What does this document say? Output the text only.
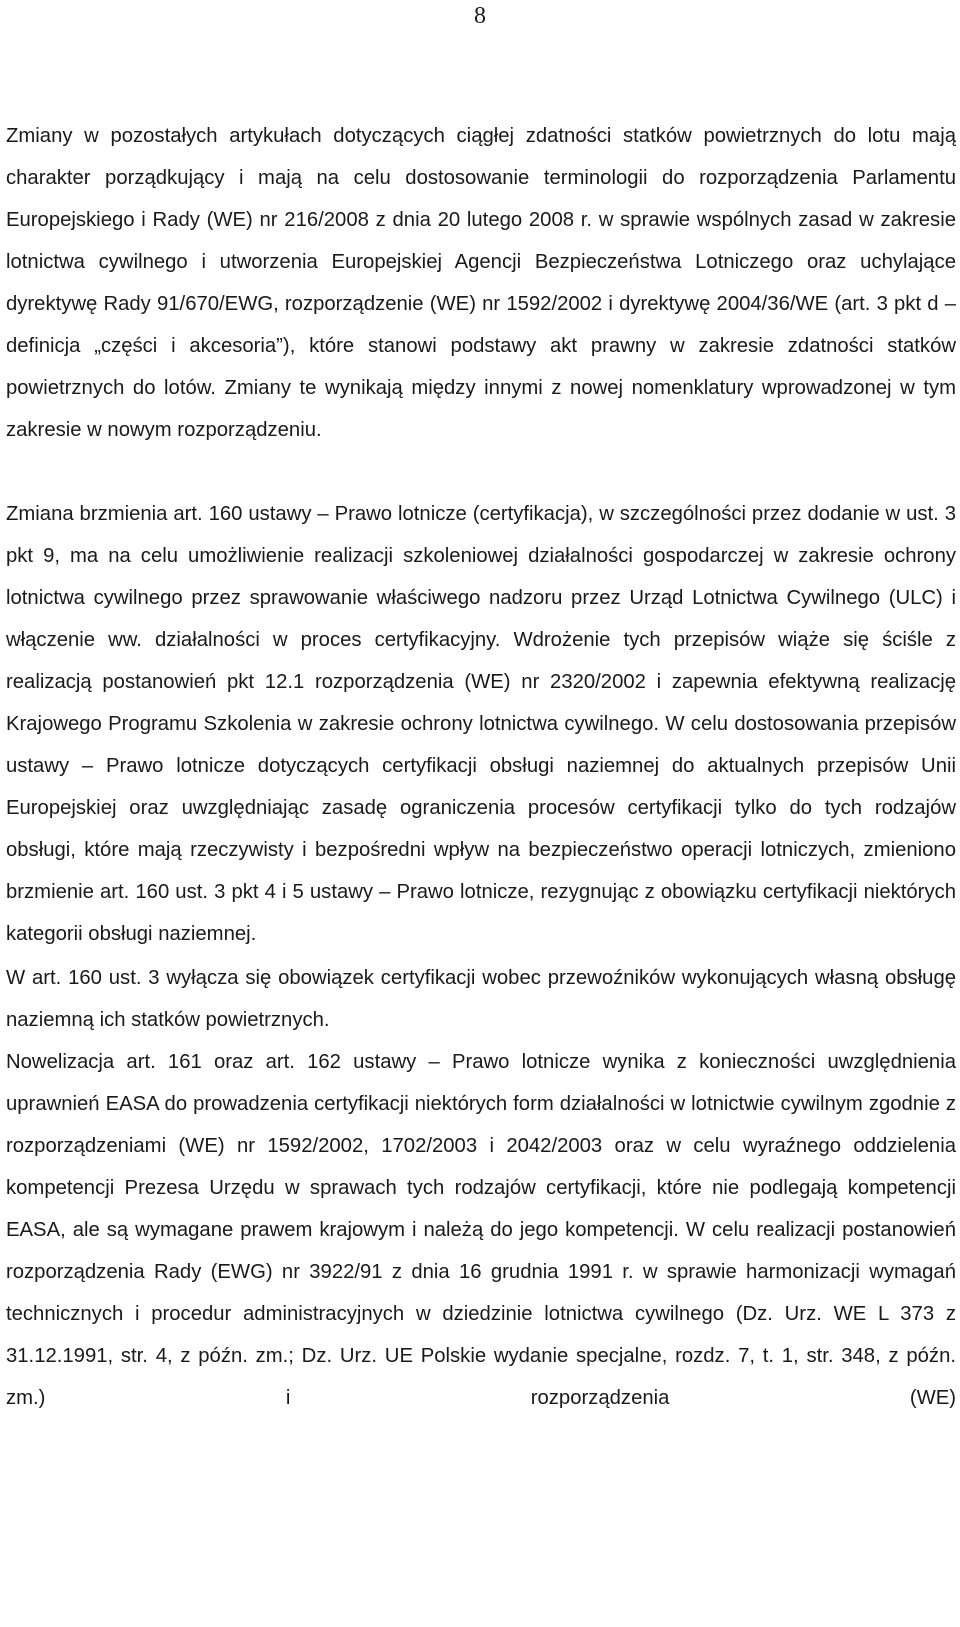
8

Zmiany w pozostałych artykułach dotyczących ciągłej zdatności statków powietrznych do lotu mają charakter porządkujący i mają na celu dostosowanie terminologii do rozporządzenia Parlamentu Europejskiego i Rady (WE) nr 216/2008 z dnia 20 lutego 2008 r. w sprawie wspólnych zasad w zakresie lotnictwa cywilnego i utworzenia Europejskiej Agencji Bezpieczeństwa Lotniczego oraz uchylające dyrektywę Rady 91/670/EWG, rozporządzenie (WE) nr 1592/2002 i dyrektywę 2004/36/WE (art. 3 pkt d – definicja „części i akcesoria”), które stanowi podstawy akt prawny w zakresie zdatności statków powietrznych do lotów. Zmiany te wynikają między innymi z nowej nomenklatury wprowadzonej w tym zakresie w nowym rozporządzeniu.

Zmiana brzmienia art. 160 ustawy – Prawo lotnicze (certyfikacja), w szczególności przez dodanie w ust. 3 pkt 9, ma na celu umożliwienie realizacji szkoleniowej działalności gospodarczej w zakresie ochrony lotnictwa cywilnego przez sprawowanie właściwego nadzoru przez Urząd Lotnictwa Cywilnego (ULC) i włączenie ww. działalności w proces certyfikacyjny. Wdrożenie tych przepisów wiąże się ściśle z realizacją postanowień pkt 12.1 rozporządzenia (WE) nr 2320/2002 i zapewnia efektywną realizację Krajowego Programu Szkolenia w zakresie ochrony lotnictwa cywilnego. W celu dostosowania przepisów ustawy – Prawo lotnicze dotyczących certyfikacji obsługi naziemnej do aktualnych przepisów Unii Europejskiej oraz uwzględniając zasadę ograniczenia procesów certyfikacji tylko do tych rodzajów obsługi, które mają rzeczywisty i bezpośredni wpływ na bezpieczeństwo operacji lotniczych, zmieniono brzmienie art. 160 ust. 3 pkt 4 i 5 ustawy – Prawo lotnicze, rezygnując z obowiązku certyfikacji niektórych kategorii obsługi naziemnej.

W art. 160 ust. 3 wyłącza się obowiązek certyfikacji wobec przewoźników wykonujących własną obsługę naziemną ich statków powietrznych.

Nowelizacja art. 161 oraz art. 162 ustawy – Prawo lotnicze wynika z konieczności uwzględnienia uprawnień EASA do prowadzenia certyfikacji niektórych form działalności w lotnictwie cywilnym zgodnie z rozporządzeniami (WE) nr 1592/2002, 1702/2003 i 2042/2003 oraz w celu wyraźnego oddzielenia kompetencji Prezesa Urzędu w sprawach tych rodzajów certyfikacji, które nie podlegają kompetencji EASA, ale są wymagane prawem krajowym i należą do jego kompetencji. W celu realizacji postanowień rozporządzenia Rady (EWG) nr 3922/91 z dnia 16 grudnia 1991 r. w sprawie harmonizacji wymagań technicznych i procedur administracyjnych w dziedzinie lotnictwa cywilnego (Dz. Urz. WE L 373 z 31.12.1991, str. 4, z późn. zm.; Dz. Urz. UE Polskie wydanie specjalne, rozdz. 7, t. 1, str. 348, z późn. zm.) i rozporządzenia (WE)
